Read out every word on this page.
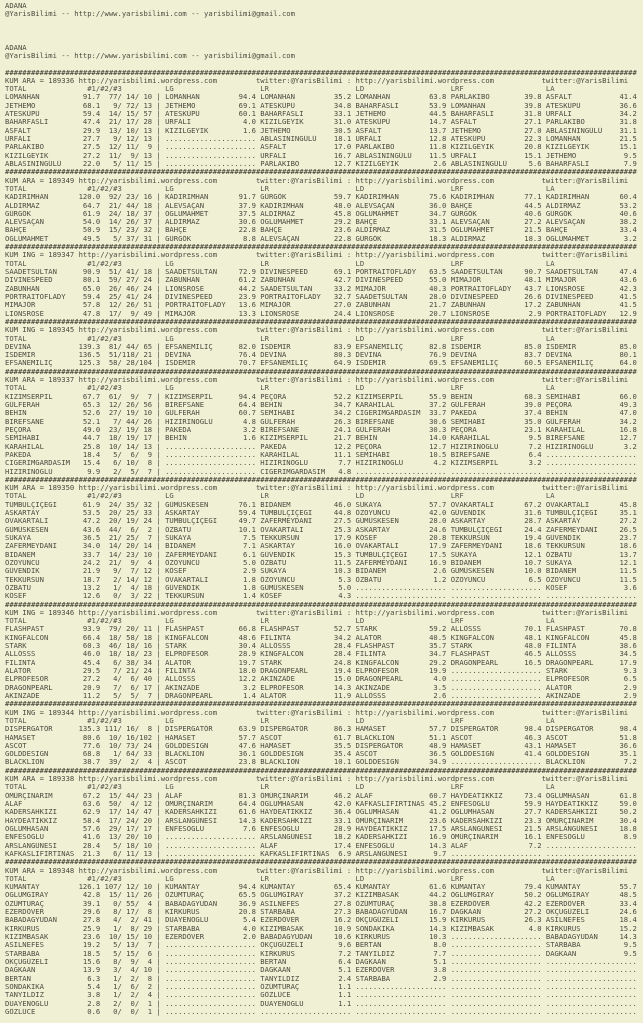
ADANA
@YarisBilimi -- http://www.yarisbilimi.com -- yarisbilimi@gmail.com
ADANA
@YarisBilimi -- http://www.yarisbilimi.com -- yarisbilimi@gmail.com
##################################################################################################################################################
KUM ARA = 189336 http://yarisbilimi.wordpress.com         twitter:@YarisBilimi : http://yarisbilimi.wordpress.com           twitter:@YarisBilimi
TOTAL              #1/#2/#3          LG                    LR                    LD                    LRF                   LA
LOMANHAN          91.7  77/ 14/ 10 | LOMANHAN         94.4 LOMANHAN         35.2 LOMANHAN         63.8 PARLAKIBO        39.8 ASFALT           41.4
JETHEMO           68.1   9/ 72/ 13 | JETHEMO          69.1 ATESKÜPÜ         34.8 BAHARFASLI       53.9 LOMANHAN         39.8 ATESKÜPÜ         36.6
ATESKÜPÜ          59.4  14/ 15/ 57 | ATESKÜPÜ         60.1 BAHARFASLI       33.1 JETHEMO          44.5 BAHARFASLI       31.8 URFALI           34.2
BAHARFASLI        47.4  21/ 17/ 28 | URFALI            4.0 KIZILGEYIK       31.0 ATESKÜPÜ         14.7 ASFALT           27.1 PARLAKIBO        31.8
ASFALT            29.9  13/ 10/ 13 | KIZILGEYIK        1.6 JETHEMO          30.5 ASFALT           13.7 JETHEMO          27.0 ABLASININGÜLÜ    31.1
URFALI            27.7   9/ 12/ 13 | ..................... ABLASININGÜLÜ    18.1 URFALI           12.8 ATESKÜPÜ         22.3 LOMANHAN         21.5
PARLAKIBO         27.5  12/ 11/  9 | ..................... ASFALT           17.0 PARLAKIBO        11.8 KIZILGEYIK       20.8 KIZILGEYIK       15.1
KIZILGEYIK        27.2  11/  9/ 13 | ..................... URFALI           16.7 ABLASININGÜLÜ    11.5 URFALI           15.1 JETHEMO           9.5
ABLASININGÜLÜ     22.0   5/ 11/ 15 | ..................... PARLAKIBO        12.7 KIZILGEYIK        2.6 ABLASININGÜLÜ     5.6 BAHARFASLI        7.9
##################################################################################################################################################
KUM ARA = 189349 http://yarisbilimi.wordpress.com         twitter:@YarisBilimi : http://yarisbilimi.wordpress.com           twitter:@YarisBilimi
TOTAL              #1/#2/#3          LG                    LR                    LD                    LRF                   LA
KADIRIMHAN       120.0  92/ 23/ 16 | KADIRIMHAN       91.7 GÜRGÖK           59.7 KADIRIMHAN       75.6 KADIRIMHAN       77.1 KADIRIMHAN       60.4
ALDIRMAZ          64.7  21/ 44/ 18 | ALEVSAÇAN        37.9 KADIRIMHAN       48.0 ALEVSAÇAN        36.0 BAHÇE            44.5 ALDIRMAZ         53.2
GÜRGÖK            61.9  24/ 18/ 37 | OGLUMAHMET       37.5 ALDIRMAZ         45.8 OGLUMAHMET       34.7 GÜRGÖK           40.6 GÜRGÖK           40.6
ALEVSAÇAN         54.0  14/ 26/ 37 | ALDIRMAZ         30.6 OGLUMAHMET       29.2 BAHÇE            33.1 ALEVSAÇAN        27.2 ALEVSAÇAN        38.2
BAHÇE             50.9  15/ 23/ 32 | BAHÇE            22.8 BAHÇE            23.6 ALDIRMAZ         31.5 OGLUMAHMET       21.5 BAHÇE            33.4
OGLUMAHMET        49.5   5/ 37/ 31 | GÜRGÖK            8.8 ALEVSAÇAN        22.8 GÜRGÖK           18.3 ALDIRMAZ         18.3 OGLUMAHMET        3.2
##################################################################################################################################################
KUM ING = 189347 http://yarisbilimi.wordpress.com         twitter:@YarisBilimi : http://yarisbilimi.wordpress.com           twitter:@YarisBilimi
TOTAL              #1/#2/#3          LG                    LR                    LD                    LRF                   LA
SAADETSULTAN      90.9  51/ 41/ 18 | SAADETSULTAN     72.9 DIVINESPEED      69.1 PORTRAITOFLADY   63.5 SAADETSULTAN     90.7 SAADETSULTAN     47.4
DIVINESPEED       80.1  59/ 27/ 24 | ZABUNHAN         61.2 ZABUNHAN         42.7 DIVINESPEED      55.0 MIMAJÖR          48.1 MIMAJÖR          43.6
ZABUNHAN          65.0  26/ 46/ 24 | LIONSROSE        44.2 SAADETSULTAN     33.2 MIMAJÖR          40.3 PORTRAITOFLADY   43.7 LIONSROSE        42.3
PORTRAITOFLADY    59.4  25/ 41/ 24 | DIVINESPEED      23.9 PORTRAITOFLADY   32.7 SAADETSULTAN     28.0 DIVINESPEED      26.6 DIVINESPEED      41.5
MIMAJÖR           57.8  12/ 26/ 51 | PORTRAITOFLADY   13.6 MIMAJÖR          27.0 ZABUNHAN         21.7 ZABUNHAN         17.2 ZABUNHAN         41.5
LIONSROSE         47.8  17/  9/ 49 | MIMAJÖR          13.3 LIONSROSE        24.4 LIONSROSE        20.7 LIONSROSE         2.9 PORTRAITOFLADY   12.9
##################################################################################################################################################
KUM ING = 189345 http://yarisbilimi.wordpress.com         twitter:@YarisBilimi : http://yarisbilimi.wordpress.com           twitter:@YarisBilimi
TOTAL              #1/#2/#3          LG                    LR                    LD                    LRF                   LA
DEVINA           139.3  81/ 44/ 65 | EFSANEMILIÇ      82.0 ISDEMIR          83.9 EFSANEMILIÇ      82.8 ISDEMIR          85.0 ISDEMIR          85.0
ISDEMIR          136.5  51/118/ 21 | DEVINA           76.4 DEVINA           80.3 DEVINA           76.9 DEVINA           83.7 DEVINA           80.1
EFSANEMILIÇ      125.3  58/ 28/104 | ISDEMIR          70.7 EFSANEMILIÇ      64.9 ISDEMIR          69.5 EFSANEMILIÇ      60.5 EFSANEMILIÇ      64.0
##################################################################################################################################################
KUM ARA = 189337 http://yarisbilimi.wordpress.com         twitter:@YarisBilimi : http://yarisbilimi.wordpress.com           twitter:@YarisBilimi
TOTAL              #1/#2/#3          LG                    LR                    LD                    LRF                   LA
KIZIMSERPIL       67.7  61/  9/  7 | KIZIMSERPIL      94.4 PEÇORA           52.2 KIZIMSERPIL      55.9 BEHIN            68.3 SEMIHABI         66.0
GÜLFERAH          65.3  12/ 26/ 56 | BIREFSANE        64.4 BEHIN            34.7 KARAHILAL        37.2 GÜLFERAH         39.0 PEÇORA           49.3
BEHIN             52.6  27/ 19/ 10 | GÜLFERAH         60.7 SEMIHABI         34.2 CIGERIMGARDASIM  33.7 PAKEDA           37.4 BEHIN            47.0
BIREFSANE         52.1   7/ 44/ 26 | HIZIRINOGLU       4.8 GÜLFERAH         26.3 BIREFSANE        30.6 SEMIHABI         35.0 GÜLFERAH         34.2
PEÇORA            49.0  23/ 19/ 18 | PAKEDA            3.2 BIREFSANE        24.1 GÜLFERAH         30.3 PEÇORA           23.1 KARAHILAL        16.8
SEMIHABI          44.7  18/ 19/ 17 | BEHIN             1.6 KIZIMSERPIL      21.7 BEHIN            14.0 KARAHILAL         9.5 BIREFSANE        12.7
KARAHILAL         25.8  10/ 14/ 13 | ..................... PAKEDA           12.2 PEÇORA           12.7 HIZIRINOGLU       7.2 HIZIRINOGLU       3.2
PAKEDA            18.4   5/  6/  9 | ..................... KARAHILAL        11.1 SEMIHABI         10.5 BIREFSANE         6.4 .....................
CIGERIMGARDASIM   15.4   6/ 10/  8 | ..................... HIZIRINOGLU       7.7 HIZIRINOGLU       4.2 KIZIMSERPIL       3.2 .....................
HIZIRINOGLU        9.9   2/  5/  7 | ..................... CIGERIMGARDASIM   4.8 ..................... ..................... .....................
##################################################################################################################################################
KUM ARA = 189350 http://yarisbilimi.wordpress.com         twitter:@YarisBilimi : http://yarisbilimi.wordpress.com           twitter:@YarisBilimi
TOTAL              #1/#2/#3          LG                    LR                    LD                    LRF                   LA
TUMBULÇIÇEGI      61.9  24/ 35/ 32 | GÜMÜSKESEN       76.1 BIDANEM          46.0 SUKAYA           57.7 OVAKARTALI       67.2 OVAKARTALI       45.8
ASKARTAY          53.5  20/ 25/ 33 | ASKARTAY         59.4 TUMBULÇIÇEGI     44.8 ÖZOYUNCU         42.0 GÜVENDIK         31.6 TUMBULÇIÇEGI     35.1
OVAKARTALI        47.2  20/ 19/ 24 | TUMBULÇIÇEGI     49.7 ZAFERMEYDANI     27.5 GÜMÜSKESEN       28.0 ASKARTAY         28.7 ASKARTAY         27.2
GÜMÜSKESEN        43.6  44/  6/  2 | ÖZBATU           10.1 OVAKARTALI       25.3 ASKARTAY         24.6 TUMBULÇIÇEGI     24.4 ZAFERMEYDANI     26.5
SUKAYA            36.5  21/ 25/  7 | SUKAYA            7.5 TEKKURSUN        17.9 KÖSEF            20.8 TEKKURSUN        19.4 GÜVENDIK         23.7
ZAFERMEYDANI      34.0  14/ 20/ 14 | BIDANEM           7.1 ASKARTAY         16.0 OVAKARTALI       17.9 ZAFERMEYDANI     18.6 TEKKURSUN        18.6
BIDANEM           33.7  14/ 23/ 10 | ZAFERMEYDANI      6.1 GÜVENDIK         15.3 TUMBULÇIÇEGI     17.5 SUKAYA           12.1 ÖZBATU           13.7
ÖZOYUNCU          24.2  21/  9/  4 | ÖZOYUNCU          5.0 ÖZBATU           11.5 ZAFERMEYDANI     16.9 BIDANEM          10.7 SUKAYA           12.1
GÜVENDIK          21.9   9/  7/ 12 | KÖSEF             2.9 SUKAYA           10.3 BIDANEM           2.6 GÜMÜSKESEN       10.0 BIDANEM          11.5
TEKKURSUN         18.7   2/ 14/ 12 | OVAKARTALI        1.8 ÖZOYUNCU          5.3 ÖZBATU            1.2 ÖZOYUNCU          6.5 ÖZOYUNCU         11.5
ÖZBATU            13.2   1/  4/ 18 | GÜVENDIK          1.8 GÜMÜSKESEN        5.0 ..................... ..................... KÖSEF             3.6
KÖSEF             12.6   0/  3/ 22 | TEKKURSUN         1.4 KÖSEF             4.3 ..................... ..................... .....................
##################################################################################################################################################
KUM ING = 189346 http://yarisbilimi.wordpress.com         twitter:@YarisBilimi : http://yarisbilimi.wordpress.com           twitter:@YarisBilimi
TOTAL              #1/#2/#3          LG                    LR                    LD                    LRF                   LA
FLASHPAST         93.9  79/ 20/ 11 | FLASHPAST        66.8 FLASHPAST        52.7 STARK            59.2 ALLÖSSS          70.1 FLASHPAST        70.8
KINGFALCON        66.4  18/ 58/ 18 | KINGFALCON       48.6 FILINTA          34.2 ALATOR           40.5 KINGFALCON       48.1 KINGFALCON       45.8
STARK             60.3  46/ 18/ 16 | STARK            30.4 ALLÖSSS          28.4 FLASHPAST        35.7 STARK            48.0 FILINTA          38.6
ALLÖSSS           46.0  18/ 18/ 23 | ELPROFESOR       28.9 KINGFALCON       28.4 FILINTA          34.7 FLASHPAST        46.5 ALLÖSSS          34.5
FILINTA           45.4   6/ 38/ 34 | ALATOR           19.7 STARK            24.8 KINGFALCON       29.2 DRAGONPEARL      16.5 DRAGONPEARL      17.9
ALATOR            29.5   7/ 21/ 24 | FILINTA          18.0 DRAGONPEARL      19.4 ELPROFESOR       19.9 ..................... STARK             9.3
ELPROFESOR        27.2   4/  6/ 40 | ALLÖSSS          12.2 AKINZADE         15.0 DRAGONPEARL       4.0 ..................... ELPROFESOR        6.5
DRAGONPEARL       20.9   7/  6/ 17 | AKINZADE          3.2 ELPROFESOR       14.3 AKINZADE          3.5 ..................... ALATOR            2.9
AKINZADE          11.2   5/  5/  7 | DRAGONPEARL       1.4 ALATOR           11.9 ALLÖSSS           2.6 ..................... AKINZADE          2.9
##################################################################################################################################################
KUM ING = 189344 http://yarisbilimi.wordpress.com         twitter:@YarisBilimi : http://yarisbilimi.wordpress.com           twitter:@YarisBilimi
TOTAL              #1/#2/#3          LG                    LR                    LD                    LRF                   LA
DISPERGATÖR      135.3 111/ 16/  8 | DISPERGATÖR      63.9 DISPERGATÖR      86.3 HAMASET          57.7 DISPERGATÖR      98.4 DISPERGATÖR      98.4
HAMASET           80.6  10/ 16/102 | HAMASET          57.7 ASCOT            61.7 BLACKLION        51.1 ASCOT            46.3 ASCOT            51.8
ASCOT             77.6  10/ 73/ 24 | GOLDDESIGN       47.6 HAMASET          35.5 DISPERGATÖR      48.9 HAMASET          43.1 HAMASET          36.6
GOLDDESIGN        68.8   1/ 64/ 33 | BLACKLION        36.1 GOLDDESIGN       35.4 ASCOT            36.5 GOLDDESIGN       41.4 GOLDDESIGN       35.1
BLACKLION         38.7  39/  2/  4 | ASCOT            23.8 BLACKLION        10.1 GOLDDESIGN       34.9 ..................... BLACKLION         7.2
##################################################################################################################################################
KUM ARA = 189338 http://yarisbilimi.wordpress.com         twitter:@YarisBilimi : http://yarisbilimi.wordpress.com           twitter:@YarisBilimi
TOTAL              #1/#2/#3          LG                    LR                    LD                    LRF                   LA
ÖMÜRÇINARIM       67.2  15/ 44/ 23 | ALAF             81.3 ÖMÜRÇINARIM      46.2 ALAF             60.7 HAYDEATIKKIZ     73.4 OGLUMHASAN       61.8
ALAF              63.6  50/  4/ 12 | ÖMÜRÇINARIM      64.4 OGLUMHASAN       42.0 KAFKASLIFIRTINAS 45.2 ENFESOGLU        59.9 HAYDEATIKKIZ     59.0
KADERSAHKIZI      62.9  17/ 14/ 47 | KADERSAHKIZI     61.6 HAYDEATIKKIZ     36.4 OGLUMHASAN       41.2 OGLUMHASAN       27.7 KADERSAHKIZI     50.2
HAYDEATIKKIZ      58.4  17/ 24/ 20 | ARSLANGÜNESI     14.3 KADERSAHKIZI     33.1 ÖMÜRÇINARIM      23.6 KADERSAHKIZI     23.3 ÖMÜRÇINARIM      30.4
OGLUMHASAN        57.6  29/ 17/ 17 | ENFESOGLU         7.6 ENFESOGLU        28.9 HAYDEATIKKIZ     17.5 ARSLANGÜNESI     21.5 ARSLANGÜNESI     18.8
ENFESOGLU         41.6  13/ 20/ 10 | ..................... ARSLANGÜNESI     18.2 KADERSAHKIZI     16.9 ÖMÜRÇINARIM      16.1 ENFESOGLU         8.9
ARSLANGÜNESI      28.4   5/ 18/ 10 | ..................... ALAF             17.4 ENFESOGLU        14.3 ALAF              7.2 .....................
KAFKASLIFIRTINAS  21.3   6/ 11/ 13 | ..................... KAFKASLIFIRTINAS  6.9 ARSLANGÜNESI      9.7 ..................... .....................
##################################################################################################################################################
KUM ARA = 189348 http://yarisbilimi.wordpress.com         twitter:@YarisBilimi : http://yarisbilimi.wordpress.com           twitter:@YarisBilimi
TOTAL              #1/#2/#3          LG                    LR                    LD                    LRF                   LA
KUMANTAY         126.1 107/ 12/ 10 | KUMANTAY         94.4 KUMANTAY         65.4 KUMANTAY         61.6 KUMANTAY         79.4 KUMANTAY         55.7
OGLUMGIRAY        42.8  15/ 11/ 26 | ÖZÜMTURAÇ        65.5 OGLUMGIRAY       37.2 KIZIMBASAK       44.2 OGLUMGIRAY       50.2 OGLUMGIRAY       48.5
ÖZÜMTURAÇ         39.1   0/ 55/  4 | BABADAGYUDAN     36.9 ASILNEFES        27.8 ÖZÜMTURAÇ        38.8 EZERDÖVER        42.2 EZERDÖVER        33.4
EZERDÖVER         29.6   8/ 17/  8 | KIRKURUS         20.8 STARBABA         27.3 BABADAGYUDAN     16.7 DAGKAAN          27.2 OKÇUGÜZELI       24.6
BABADAGYUDAN      27.8   4/  2/ 41 | DUAYENOGLU        5.4 EZERDÖVER        16.2 OKÇUGÜZELI       15.9 KIRKURUS         26.3 ASILNEFES        18.4
KIRKURUS          25.9   1/  8/ 29 | STARBABA          4.0 KIZIMBASAK       10.9 SONDAKIKA        14.3 KIZIMBASAK        4.0 KIRKURUS         15.2
KIZIMBASAK        23.6  10/ 15/ 10 | EZERDÖVER         2.0 BABADAGYUDAN     10.6 KIRKURUS         10.3 ..................... BABADAGYUDAN     14.3
ASILNEFES         19.2   5/ 13/  7 | ..................... OKÇUGÜZELI        9.6 BERTAN            8.0 ..................... STARBABA          9.5
STARBABA          18.5   5/ 15/  6 | ..................... KIRKURUS          7.2 TANYILDIZ         7.7 ..................... DAGKAAN           9.5
OKÇUGÜZELI        15.6   8/  9/  4 | ..................... BERTAN            6.4 DAGKAAN           5.1 ..................... .....................
DAGKAAN           13.9   3/  4/ 10 | ..................... DAGKAAN           5.1 EZERDÖVER         3.8 ..................... .....................
BERTAN             6.3   1/  2/  8 | ..................... TANYILDIZ         2.4 STARBABA          2.9 ..................... .....................
SONDAKIKA          5.4   1/  6/  2 | ..................... ÖZÜMTURAÇ         1.1 ..................... ..................... .....................
TANYILDIZ          3.8   1/  2/  4 | ..................... GÖZLÜCE           1.1 ..................... ..................... .....................
DUAYENOGLU         2.8   2/  0/  1 | ..................... DUAYENOGLU        1.1 ..................... ..................... .....................
GÖZLÜCE            0.6   0/  0/  1 | ..................... ..................... ..................... ..................... .....................
